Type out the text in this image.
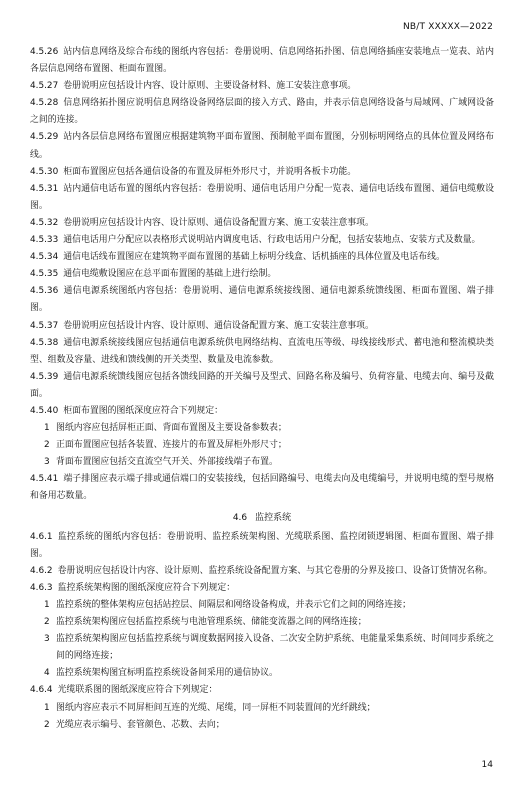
NB/T XXXXX—2022

4.5.26 站内信息网络及综合布线的图纸内容包括：卷册说明、信息网络拓扑图、信息网络插座安装地点一览表、站内各层信息网络布置图、柜面布置图。

4.5.27 卷册说明应包括设计内容、设计原则、主要设备材料、施工安装注意事项。

4.5.28 信息网络拓扑图应说明信息网络设备网络层面的接入方式、路由，并表示信息网络设备与局域网、广域网设备之间的连接。

4.5.29 站内各层信息网络布置图应根据建筑物平面布置图、预制舱平面布置图，分别标明网络点的具体位置及网络布线。

4.5.30 柜面布置图应包括各通信设备的布置及屏柜外形尺寸，并说明各板卡功能。

4.5.31 站内通信电话布置的图纸内容包括：卷册说明、通信电话用户分配一览表、通信电话线布置图、通信电缆敷设图。

4.5.32 卷册说明应包括设计内容、设计原则、通信设备配置方案、施工安装注意事项。

4.5.33 通信电话用户分配应以表格形式说明站内调度电话、行政电话用户分配，包括安装地点、安装方式及数量。

4.5.34 通信电话线布置图应在建筑物平面布置图的基础上标明分线盒、话机插座的具体位置及电话布线。

4.5.35 通信电缆敷设图应在总平面布置图的基础上进行绘制。

4.5.36 通信电源系统图纸内容包括：卷册说明、通信电源系统接线图、通信电源系统馈线图、柜面布置图、端子排图。

4.5.37 卷册说明应包括设计内容、设计原则、通信设备配置方案、施工安装注意事项。

4.5.38 通信电源系统接线图应包括通信电源系统供电网络结构、直流电压等级、母线接线形式、蓄电池和整流模块类型、组数及容量、进线和馈线侧的开关类型、数量及电流参数。

4.5.39 通信电源系统馈线图应包括各馈线回路的开关编号及型式、回路名称及编号、负荷容量、电缆去向、编号及截面。

4.5.40 柜面布置图的图纸深度应符合下列规定：

1 图纸内容应包括屏柜正面、背面布置图及主要设备参数表；

2 正面布置图应包括各装置、连接片的布置及屏柜外形尺寸；

3 背面布置图应包括交直流空气开关、外部接线端子布置。

4.5.41 端子排图应表示端子排或通信端口的安装接线，包括回路编号、电缆去向及电缆编号，并说明电缆的型号规格和备用芯数量。

4.6 监控系统

4.6.1 监控系统的图纸内容包括：卷册说明、监控系统架构图、光缆联系图、监控闭锁逻辑图、柜面布置图、端子排图。

4.6.2 卷册说明应包括设计内容、设计原则、监控系统设备配置方案、与其它卷册的分界及接口、设备订货情况名称。

4.6.3 监控系统架构图的图纸深度应符合下列规定：

1 监控系统的整体架构应包括站控层、间隔层和网络设备构成，并表示它们之间的网络连接；

2 监控系统架构图应包括监控系统与电池管理系统、储能变流器之间的网络连接；

3 监控系统架构图应包括监控系统与调度数据网接入设备、二次安全防护系统、电能量采集系统、时间同步系统之间的网络连接；

4 监控系统架构图宜标明监控系统设备间采用的通信协议。

4.6.4 光缆联系图的图纸深度应符合下列规定：

1 图纸内容应表示不同屏柜间互连的光缆、尾缆，同一屏柜不同装置间的光纤跳线；

2 光缆应表示编号、套管颜色、芯数、去向；

14
